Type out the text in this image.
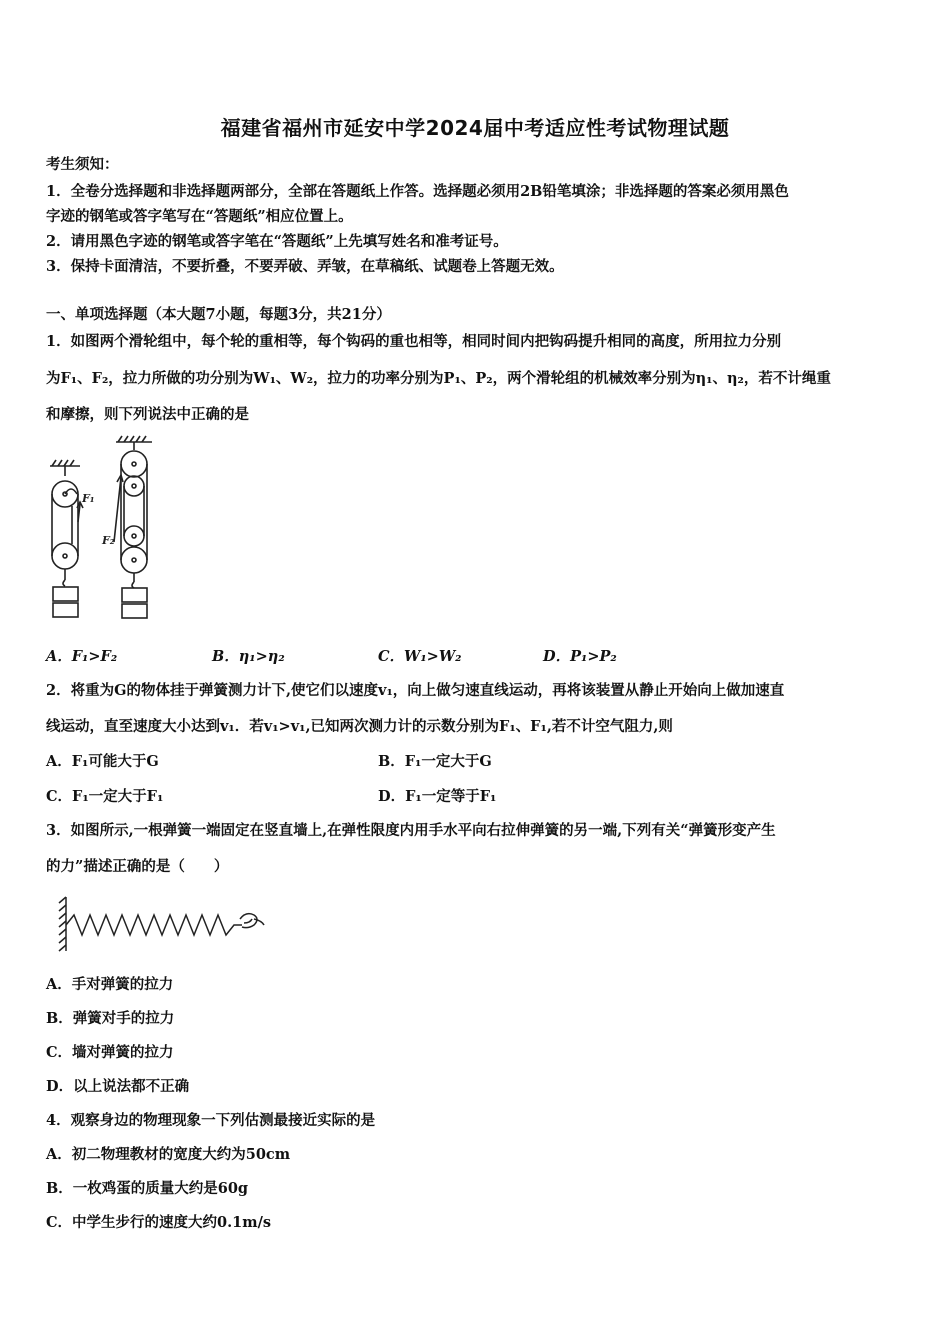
福建省福州市延安中学2024届中考适应性考试物理试题
考生须知：
1．全卷分选择题和非选择题两部分，全部在答题纸上作答。选择题必须用2B铅笔填涂；非选择题的答案必须用黑色
字迹的钢笔或答字笔写在“答题纸”相应位置上。
2．请用黑色字迹的钢笔或答字笔在“答题纸”上先填写姓名和准考证号。
3．保持卡面清洁，不要折叠，不要弄破、弄皱，在草稿纸、试题卷上答题无效。
一、单项选择题（本大题7小题，每题3分，共21分）
1．如图两个滑轮组中，每个轮的重相等，每个钩码的重也相等，相同时间内把钩码提升相同的高度，所用拉力分别
为F₁、F₂，拉力所做的功分别为W₁、W₂，拉力的功率分别为P₁、P₂，两个滑轮组的机械效率分别为η₁、η₂，若不计绳重
和摩擦，则下列说法中正确的是
F₁
F₂
A．F₁>F₂	B．η₁>η₂	C．W₁>W₂	D．P₁>P₂
2．将重为G的物体挂于弹簧测力计下,使它们以速度v₁，向上做匀速直线运动，再将该装置从静止开始向上做加速直
线运动，直至速度大小达到v₁．若v₁>v₁,已知两次测力计的示数分别为F₁、F₁,若不计空气阻力,则
A．F₁可能大于G	B．F₁一定大于G
C．F₁一定大于F₁	D．F₁一定等于F₁
3．如图所示,一根弹簧一端固定在竖直墙上,在弹性限度内用手水平向右拉伸弹簧的另一端,下列有关“弹簧形变产生
的力”描述正确的是（　　）
A．手对弹簧的拉力
B．弹簧对手的拉力
C．墙对弹簧的拉力
D．以上说法都不正确
4．观察身边的物理现象一下列估测最接近实际的是
A．初二物理教材的宽度大约为50cm
B．一枚鸡蛋的质量大约是60g
C．中学生步行的速度大约0.1m/s
